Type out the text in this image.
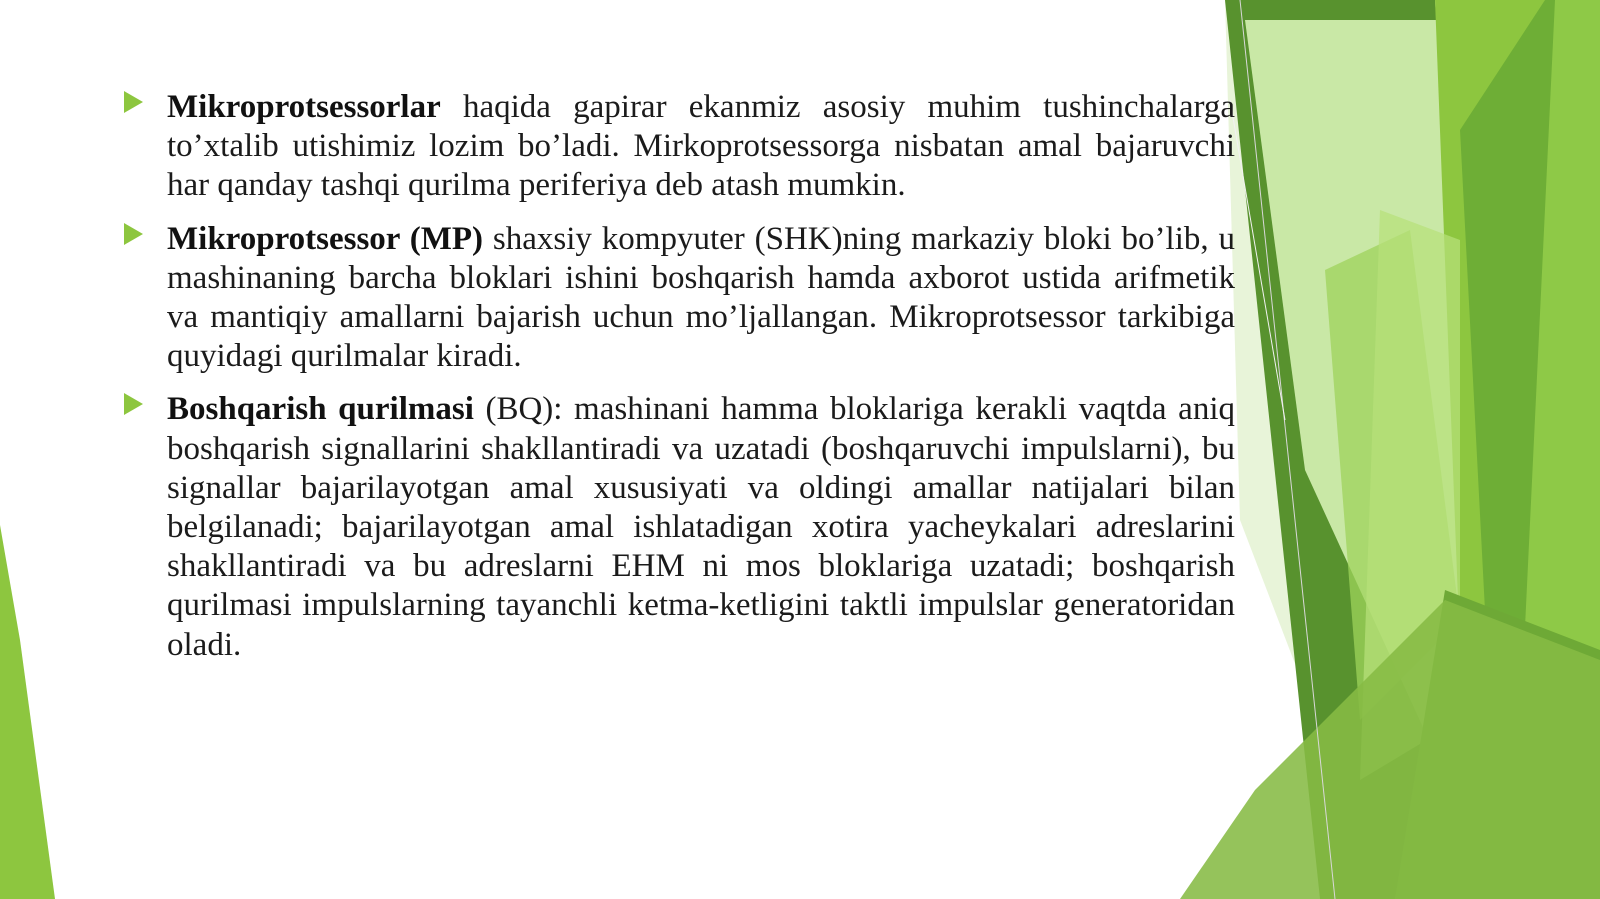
Mikroprotsessorlar haqida gapirar ekanmiz asosiy muhim tushinchalarga to’xtalib utishimiz lozim bo’ladi. Mirkoprotsessorga nisbatan amal bajaruvchi har qanday tashqi qurilma periferiya deb atash mumkin.

Mikroprotsessor (MP) shaxsiy kompyuter (SHK)ning markaziy bloki bo’lib, u mashinaning barcha bloklari ishini boshqarish hamda axborot ustida arifmetik va mantiqiy amallarni bajarish uchun mo’ljallangan. Mikroprotsessor tarkibiga quyidagi qurilmalar kiradi.

Boshqarish qurilmasi (BQ): mashinani hamma bloklariga kerakli vaqtda aniq boshqarish signallarini shakllantiradi va uzatadi (boshqaruvchi impulslarni), bu signallar bajarilayotgan amal xususiyati va oldingi amallar natijalari bilan belgilanadi; bajarilayotgan amal ishlatadigan xotira yacheykalari adreslarini shakllantiradi va bu adreslarni EHM ni mos bloklariga uzatadi; boshqarish qurilmasi impulslarning tayanchli ketma-ketligini taktli impulslar generatoridan oladi.
